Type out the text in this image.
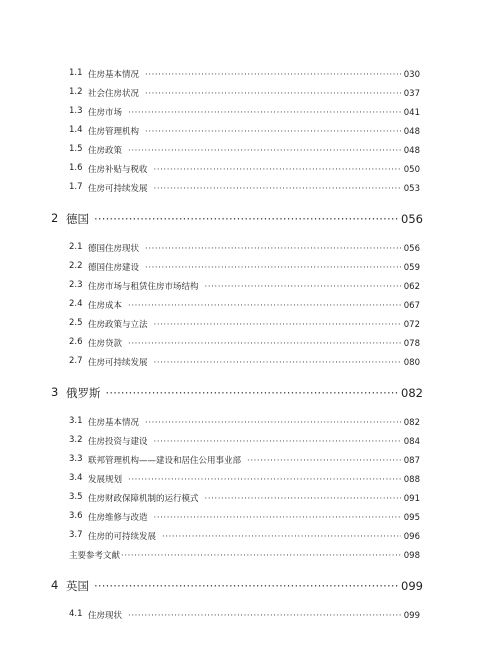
1.1 住房基本情况 ·····	030
1.2 社会住房状况 ·····	037
1.3 住房市场 ·····	041
1.4 住房管理机构 ·····	048
1.5 住房政策 ·····	048
1.6 住房补贴与税收 ·····	050
1.7 住房可持续发展 ·····	053
2 德国 ·····	056
2.1 德国住房现状 ·····	056
2.2 德国住房建设 ·····	059
2.3 住房市场与租赁住房市场结构 ·····	062
2.4 住房成本 ·····	067
2.5 住房政策与立法 ·····	072
2.6 住房贷款 ·····	078
2.7 住房可持续发展 ·····	080
3 俄罗斯 ·····	082
3.1 住房基本情况 ·····	082
3.2 住房投资与建设 ·····	084
3.3 联邦管理机构——建设和居住公用事业部 ·····	087
3.4 发展规划 ·····	088
3.5 住房财政保障机制的运行模式 ·····	091
3.6 住房维修与改造 ·····	095
3.7 住房的可持续发展 ·····	096
主要参考文献 ·····	098
4 英国 ·····	099
4.1 住房现状 ·····	099
